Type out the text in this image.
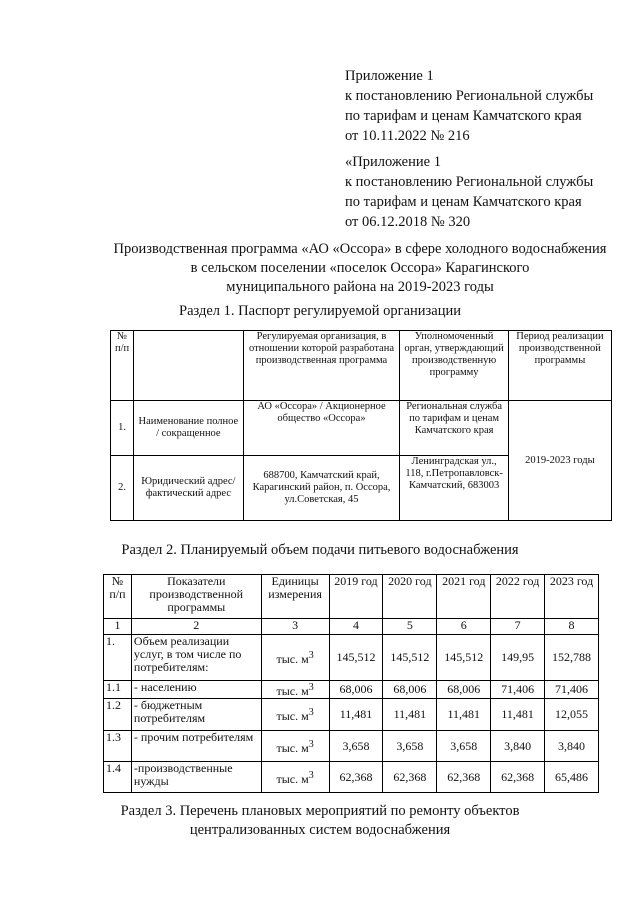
Приложение 1
к постановлению Региональной службы
по тарифам и ценам Камчатского края
от 10.11.2022 № 216
«Приложение 1
к постановлению Региональной службы
по тарифам и ценам Камчатского края
от 06.12.2018 № 320
Производственная программа «АО «Оссора» в сфере холодного водоснабжения
в сельском поселении «поселок Оссора» Карагинского
муниципального района на 2019-2023 годы
Раздел 1. Паспорт регулируемой организации
№ п/п		Регулируемая организация, в отношении которой разработана производственная программа	Уполномоченный орган, утверждающий производственную программу	Период реализации производственной программы
1.	Наименование полное / сокращенное	АО «Оссора» / Акционерное общество «Оссора»	Региональная служба по тарифам и ценам Камчатского края	2019-2023 годы
2.	Юридический адрес/фактический адрес	688700, Камчатский край, Карагинский район, п. Оссора, ул.Советская, 45	Ленинградская ул., 118, г.Петропавловск-Камчатский, 683003	
Раздел 2. Планируемый объем подачи питьевого водоснабжения
№ п/п	Показатели производственной программы	Единицы измерения	2019 год	2020 год	2021 год	2022 год	2023 год
1	2	3	4	5	6	7	8
1.	Объем реализации услуг, в том числе по потребителям:	тыс. $м^3$	145,512	145,512	145,512	149,95	152,788
1.1	- населению	тыс. $м^3$	68,006	68,006	68,006	71,406	71,406
1.2	- бюджетным потребителям	тыс. $м^3$	11,481	11,481	11,481	11,481	12,055
1.3	- прочим потребителям	тыс. $м^3$	3,658	3,658	3,658	3,840	3,840
1.4	-производственные нужды	тыс. $м^3$	62,368	62,368	62,368	62,368	65,486
Раздел 3. Перечень плановых мероприятий по ремонту объектов
централизованных систем водоснабжения
